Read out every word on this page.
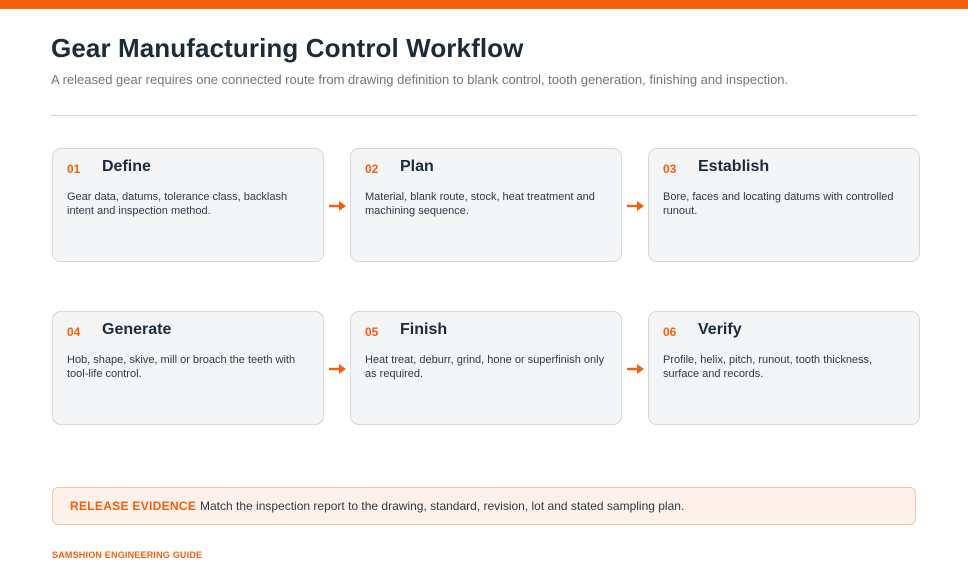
Gear Manufacturing Control Workflow
A released gear requires one connected route from drawing definition to blank control, tooth generation, finishing and inspection.
01 Define
Gear data, datums, tolerance class, backlash intent and inspection method.
02 Plan
Material, blank route, stock, heat treatment and machining sequence.
03 Establish
Bore, faces and locating datums with controlled runout.
04 Generate
Hob, shape, skive, mill or broach the teeth with tool-life control.
05 Finish
Heat treat, deburr, grind, hone or superfinish only as required.
06 Verify
Profile, helix, pitch, runout, tooth thickness, surface and records.
RELEASE EVIDENCE Match the inspection report to the drawing, standard, revision, lot and stated sampling plan.
SAMSHION ENGINEERING GUIDE
